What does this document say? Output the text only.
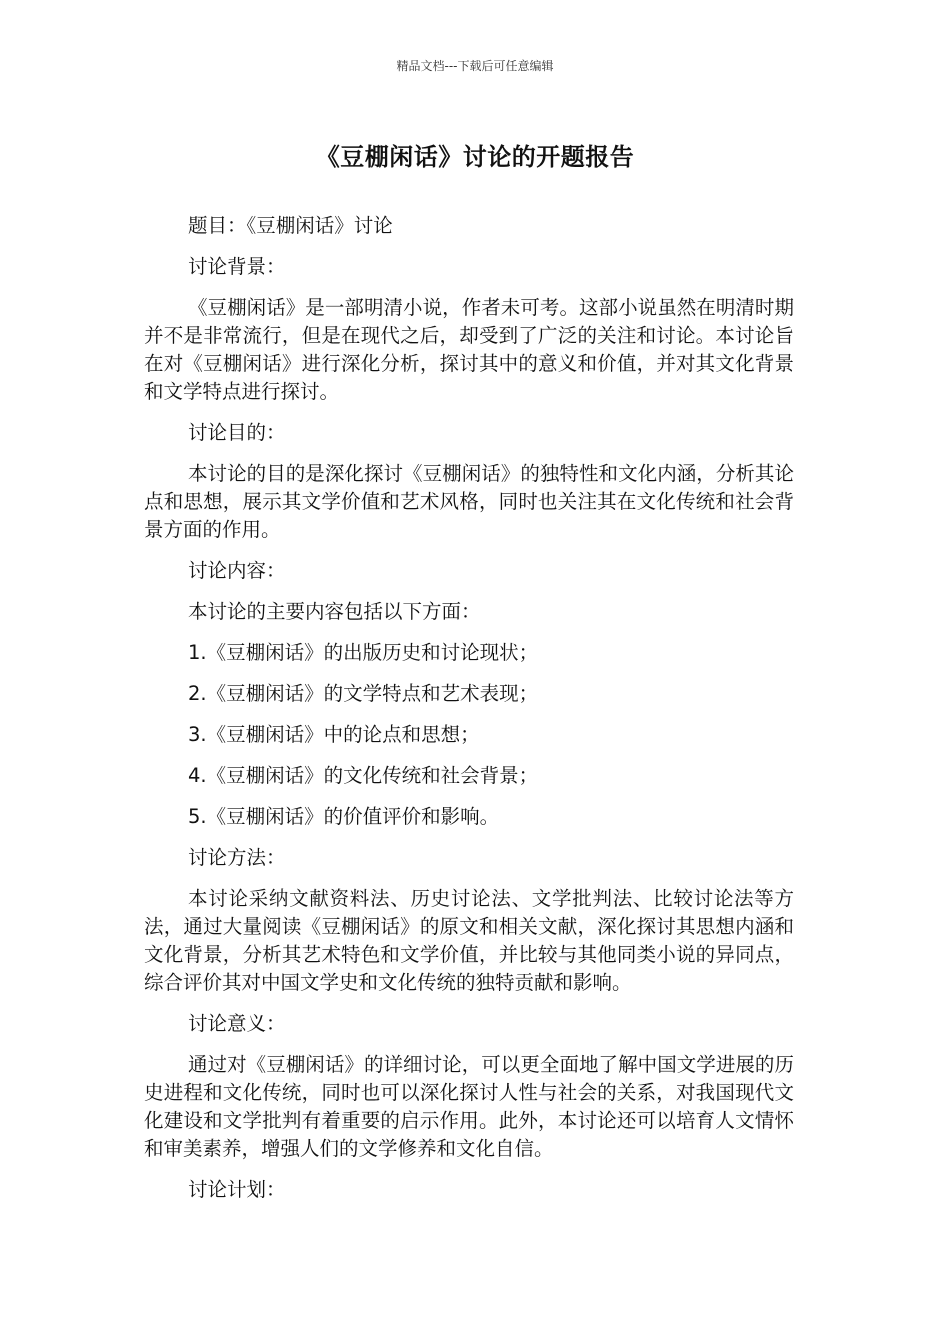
精品文档---下载后可任意编辑
《豆棚闲话》讨论的开题报告

题目：《豆棚闲话》讨论

讨论背景：

《豆棚闲话》是一部明清小说，作者未可考。这部小说虽然在明清时期并不是非常流行，但是在现代之后，却受到了广泛的关注和讨论。本讨论旨在对《豆棚闲话》进行深化分析，探讨其中的意义和价值，并对其文化背景和文学特点进行探讨。

讨论目的：

本讨论的目的是深化探讨《豆棚闲话》的独特性和文化内涵，分析其论点和思想，展示其文学价值和艺术风格，同时也关注其在文化传统和社会背景方面的作用。

讨论内容：

本讨论的主要内容包括以下方面：

1.《豆棚闲话》的出版历史和讨论现状；

2.《豆棚闲话》的文学特点和艺术表现；

3.《豆棚闲话》中的论点和思想；

4.《豆棚闲话》的文化传统和社会背景；

5.《豆棚闲话》的价值评价和影响。

讨论方法：

本讨论采纳文献资料法、历史讨论法、文学批判法、比较讨论法等方法，通过大量阅读《豆棚闲话》的原文和相关文献，深化探讨其思想内涵和文化背景，分析其艺术特色和文学价值，并比较与其他同类小说的异同点，综合评价其对中国文学史和文化传统的独特贡献和影响。

讨论意义：

通过对《豆棚闲话》的详细讨论，可以更全面地了解中国文学进展的历史进程和文化传统，同时也可以深化探讨人性与社会的关系，对我国现代文化建设和文学批判有着重要的启示作用。此外，本讨论还可以培育人文情怀和审美素养，增强人们的文学修养和文化自信。

讨论计划：
